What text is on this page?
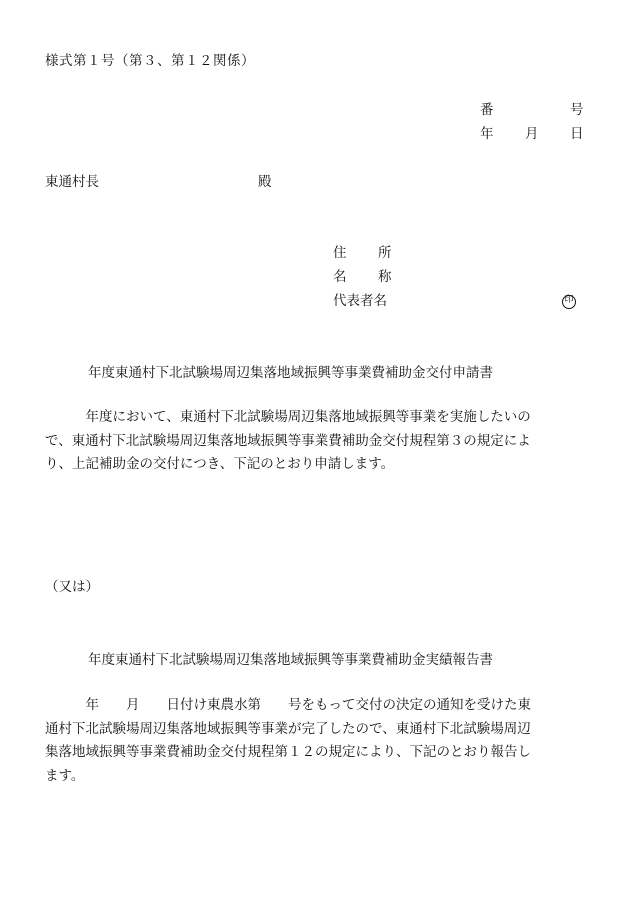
様式第１号（第３、第１２関係）
番	号
年 月 日
東通村長	殿
住 所
名 称
代表者名	印
年度東通村下北試験場周辺集落地域振興等事業費補助金交付申請書
　　　年度において、東通村下北試験場周辺集落地域振興等事業を実施したいの
で、東通村下北試験場周辺集落地域振興等事業費補助金交付規程第３の規定によ
り、上記補助金の交付につき、下記のとおり申請します。
（又は）
年度東通村下北試験場周辺集落地域振興等事業費補助金実績報告書
　　　年　　月　　日付け東農水第　　号をもって交付の決定の通知を受けた東
通村下北試験場周辺集落地域振興等事業が完了したので、東通村下北試験場周辺
集落地域振興等事業費補助金交付規程第１２の規定により、下記のとおり報告し
ます。
